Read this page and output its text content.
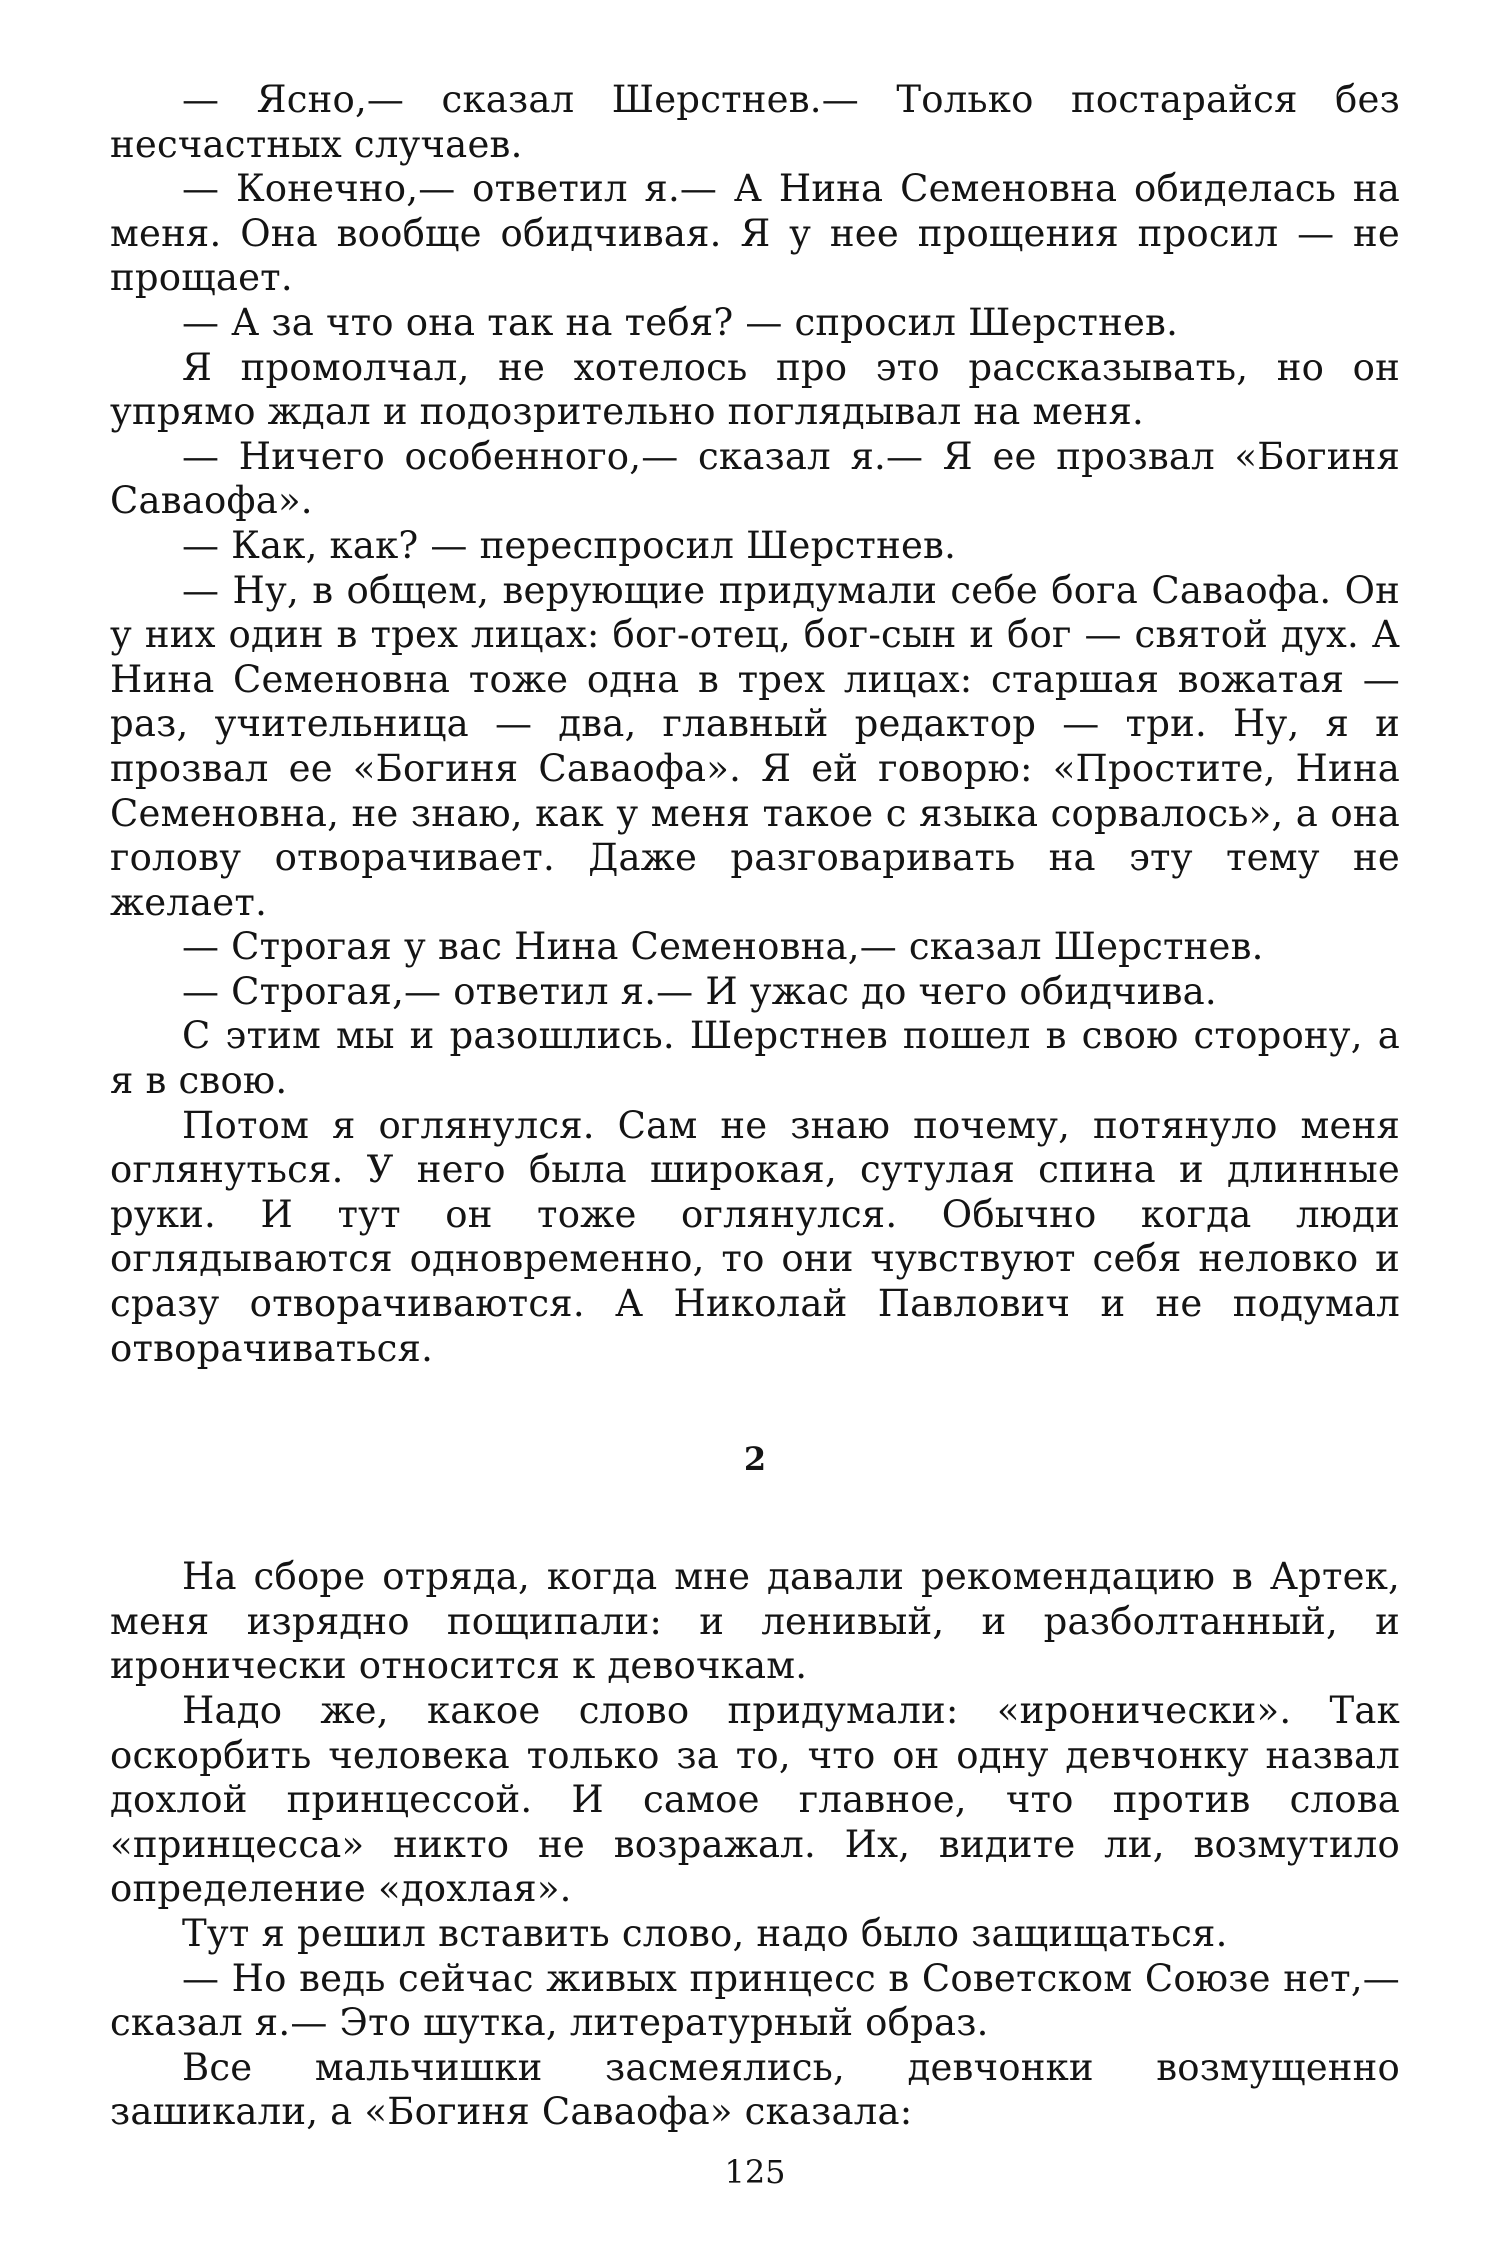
— Ясно,— сказал Шерстнев.— Только постарайся без несчастных случаев.

— Конечно,— ответил я.— А Нина Семеновна обиделась на меня. Она вообще обидчивая. Я у нее прощения просил — не прощает.

— А за что она так на тебя? — спросил Шерстнев.

Я промолчал, не хотелось про это рассказывать, но он упрямо ждал и подозрительно поглядывал на меня.

— Ничего особенного,— сказал я.— Я ее прозвал «Богиня Саваофа».

— Как, как? — переспросил Шерстнев.

— Ну, в общем, верующие придумали себе бога Саваофа. Он у них один в трех лицах: бог-отец, бог-сын и бог — святой дух. А Нина Семеновна тоже одна в трех лицах: старшая вожатая — раз, учительница — два, главный редактор — три. Ну, я и прозвал ее «Богиня Саваофа». Я ей говорю: «Простите, Нина Семеновна, не знаю, как у меня такое с языка сорвалось», а она голову отворачивает. Даже разговаривать на эту тему не желает.

— Строгая у вас Нина Семеновна,— сказал Шерстнев.

— Строгая,— ответил я.— И ужас до чего обидчива.

С этим мы и разошлись. Шерстнев пошел в свою сторону, а я в свою.

Потом я оглянулся. Сам не знаю почему, потянуло меня оглянуться. У него была широкая, сутулая спина и длинные руки. И тут он тоже оглянулся. Обычно когда люди оглядываются одновременно, то они чувствуют себя неловко и сразу отворачиваются. А Николай Павлович и не подумал отворачиваться.

2

На сборе отряда, когда мне давали рекомендацию в Артек, меня изрядно пощипали: и ленивый, и разболтанный, и иронически относится к девочкам.

Надо же, какое слово придумали: «иронически». Так оскорбить человека только за то, что он одну девчонку назвал дохлой принцессой. И самое главное, что против слова «принцесса» никто не возражал. Их, видите ли, возмутило определение «дохлая».

Тут я решил вставить слово, надо было защищаться.

— Но ведь сейчас живых принцесс в Советском Союзе нет,— сказал я.— Это шутка, литературный образ.

Все мальчишки засмеялись, девчонки возмущенно зашикали, а «Богиня Саваофа» сказала:

125
